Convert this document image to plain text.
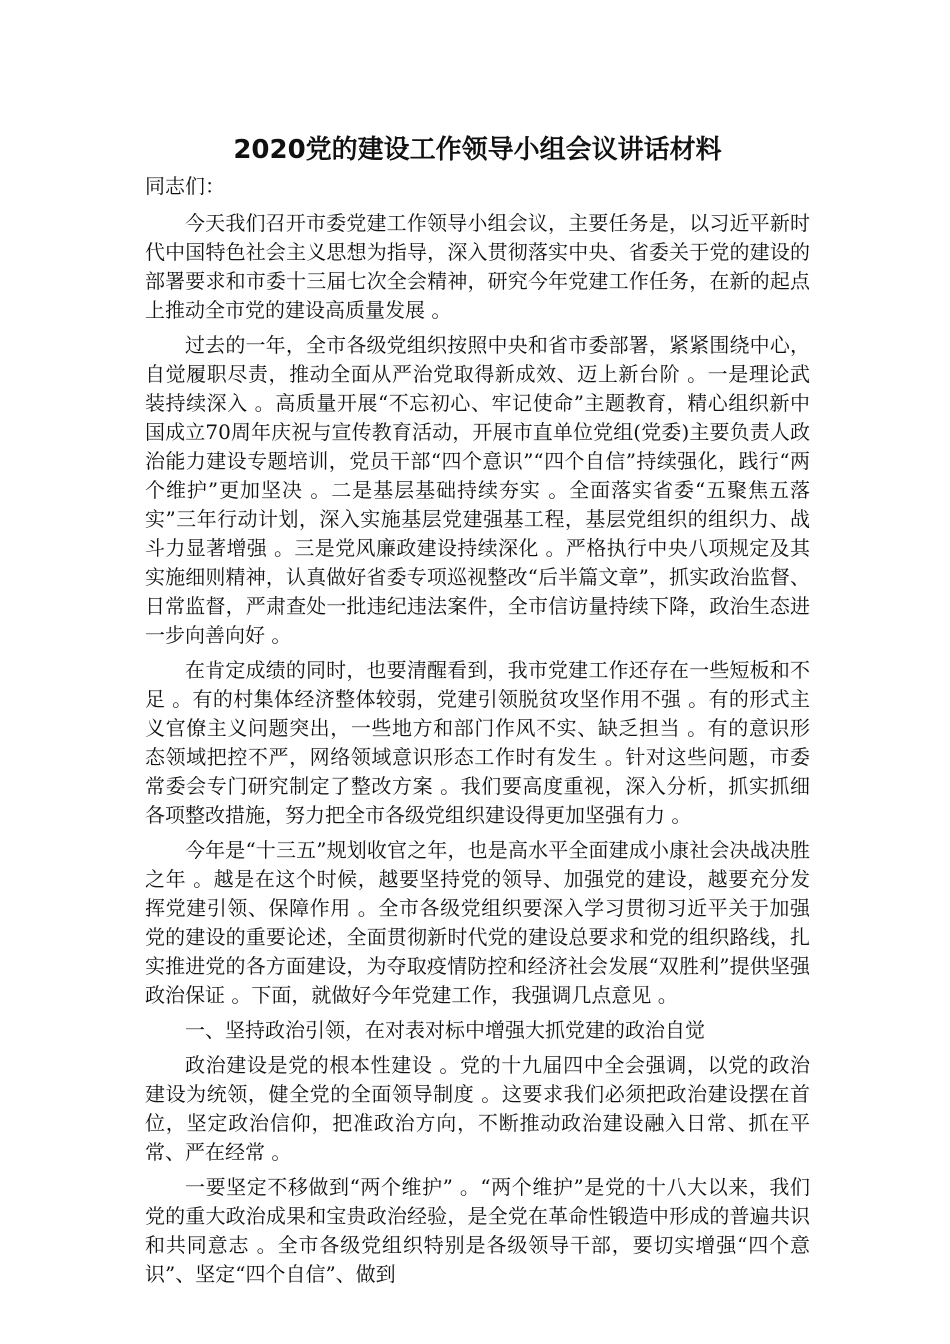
2020党的建设工作领导小组会议讲话材料

同志们：

今天我们召开市委党建工作领导小组会议，主要任务是，以习近平新时代中国特色社会主义思想为指导，深入贯彻落实中央、省委关于党的建设的部署要求和市委十三届七次全会精神，研究今年党建工作任务，在新的起点上推动全市党的建设高质量发展 。

过去的一年，全市各级党组织按照中央和省市委部署，紧紧围绕中心，自觉履职尽责，推动全面从严治党取得新成效、迈上新台阶 。一是理论武装持续深入 。高质量开展“不忘初心、牢记使命”主题教育，精心组织新中国成立70周年庆祝与宣传教育活动，开展市直单位党组(党委)主要负责人政治能力建设专题培训，党员干部“四个意识”“四个自信”持续强化，践行“两个维护”更加坚决 。二是基层基础持续夯实 。全面落实省委“五聚焦五落实”三年行动计划，深入实施基层党建强基工程，基层党组织的组织力、战斗力显著增强 。三是党风廉政建设持续深化 。严格执行中央八项规定及其实施细则精神，认真做好省委专项巡视整改“后半篇文章”，抓实政治监督、日常监督，严肃查处一批违纪违法案件，全市信访量持续下降，政治生态进一步向善向好 。

在肯定成绩的同时，也要清醒看到，我市党建工作还存在一些短板和不足 。有的村集体经济整体较弱，党建引领脱贫攻坚作用不强 。有的形式主义官僚主义问题突出，一些地方和部门作风不实、缺乏担当 。有的意识形态领域把控不严，网络领域意识形态工作时有发生 。针对这些问题，市委常委会专门研究制定了整改方案 。我们要高度重视，深入分析，抓实抓细各项整改措施，努力把全市各级党组织建设得更加坚强有力 。

今年是“十三五”规划收官之年，也是高水平全面建成小康社会决战决胜之年 。越是在这个时候，越要坚持党的领导、加强党的建设，越要充分发挥党建引领、保障作用 。全市各级党组织要深入学习贯彻习近平关于加强党的建设的重要论述，全面贯彻新时代党的建设总要求和党的组织路线，扎实推进党的各方面建设，为夺取疫情防控和经济社会发展“双胜利”提供坚强政治保证 。下面，就做好今年党建工作，我强调几点意见 。

一、坚持政治引领，在对表对标中增强大抓党建的政治自觉

政治建设是党的根本性建设 。党的十九届四中全会强调，以党的政治建设为统领，健全党的全面领导制度 。这要求我们必须把政治建设摆在首位，坚定政治信仰，把准政治方向，不断推动政治建设融入日常、抓在平常、严在经常 。

一要坚定不移做到“两个维护” 。“两个维护”是党的十八大以来，我们党的重大政治成果和宝贵政治经验，是全党在革命性锻造中形成的普遍共识和共同意志 。全市各级党组织特别是各级领导干部，要切实增强“四个意识”、坚定“四个自信”、做到
